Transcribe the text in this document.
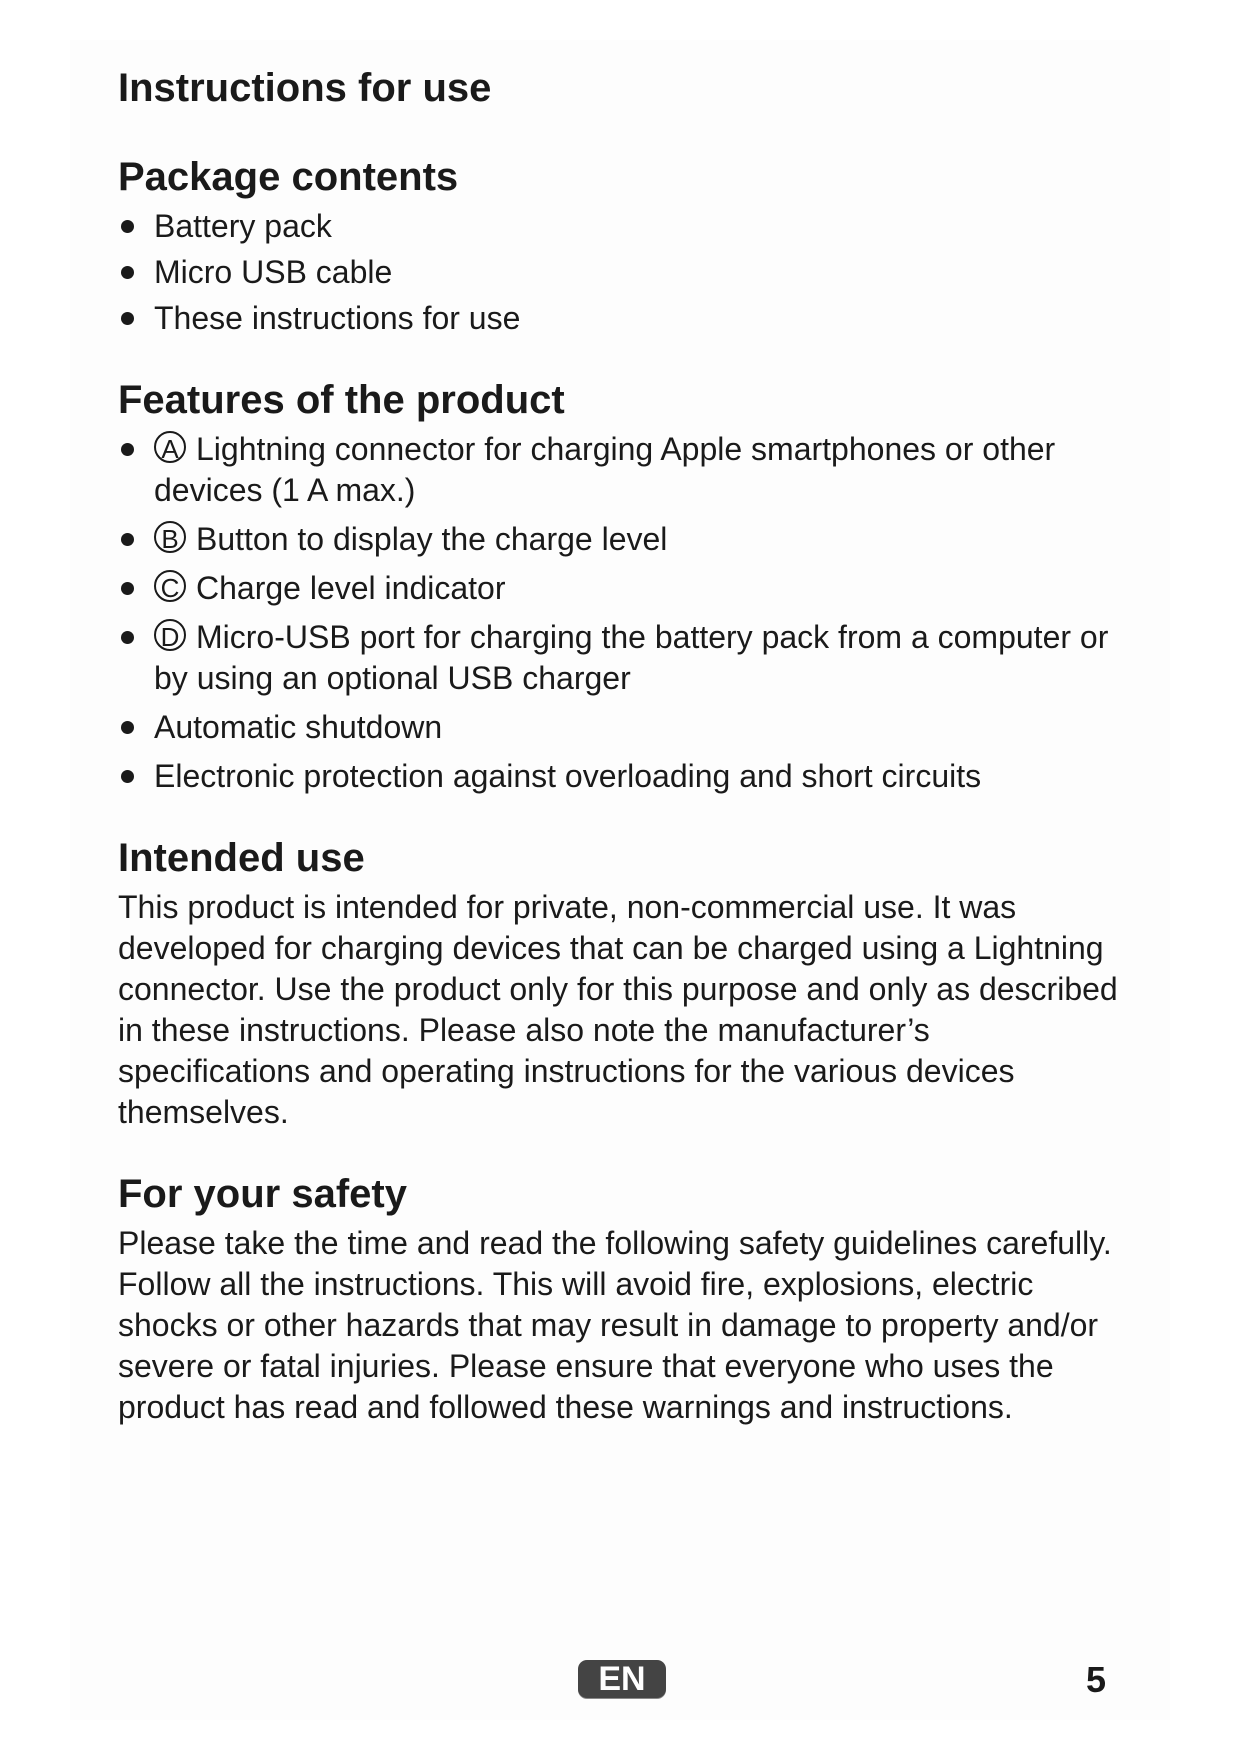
Instructions for use
Package contents
Battery pack
Micro USB cable
These instructions for use
Features of the product
A Lightning connector for charging Apple smartphones or other devices (1 A max.)
B Button to display the charge level
C Charge level indicator
D Micro-USB port for charging the battery pack from a computer or by using an optional USB charger
Automatic shutdown
Electronic protection against overloading and short circuits
Intended use

This product is intended for private, non-commercial use. It was developed for charging devices that can be charged using a Lightning connector. Use the product only for this purpose and only as described in these instructions. Please also note the manufacturer’s specifications and operating instructions for the various devices themselves.

For your safety

Please take the time and read the following safety guidelines carefully. Follow all the instructions. This will avoid fire, explosions, electric shocks or other hazards that may result in damage to property and/or severe or fatal injuries. Please ensure that everyone who uses the product has read and followed these warnings and instructions.

EN	5
